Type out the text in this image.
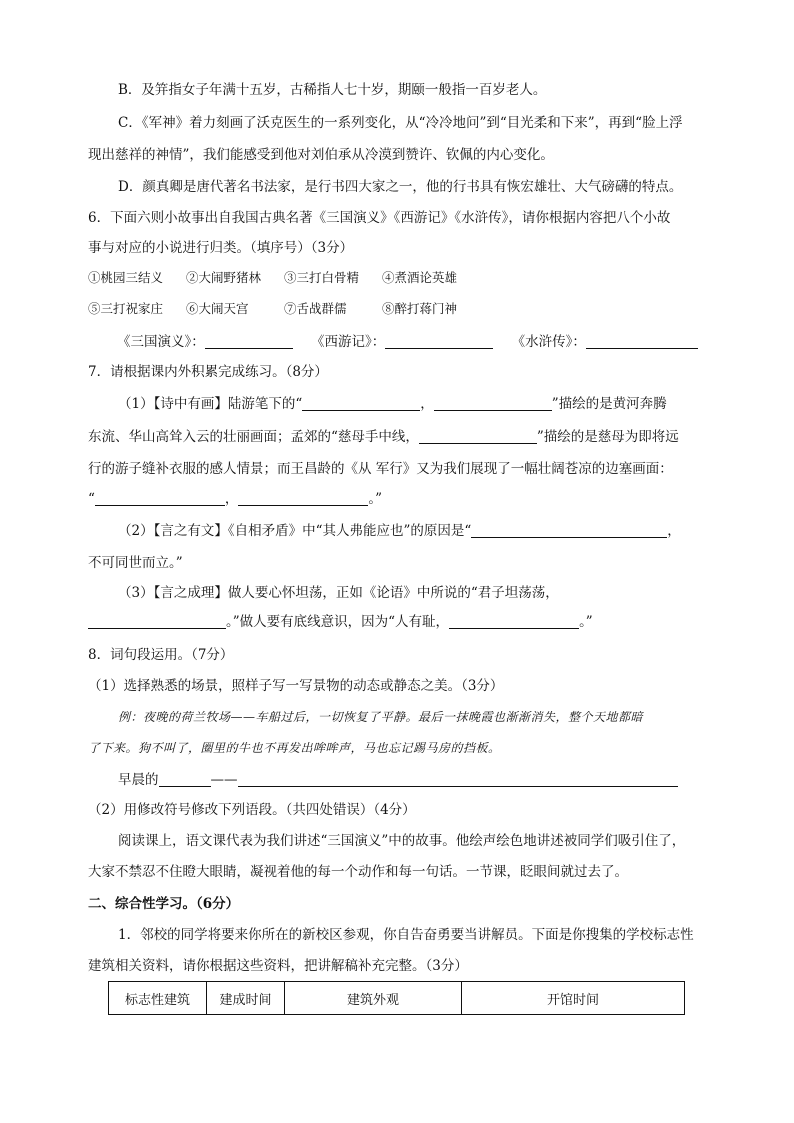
B．及笄指女子年满十五岁，古稀指人七十岁，期颐一般指一百岁老人。
C．《军神》着力刻画了沃克医生的一系列变化，从“冷冷地问”到“目光柔和下来”，再到“脸上浮
现出慈祥的神情”，我们能感受到他对刘伯承从冷漠到赞许、钦佩的内心变化。
D．颜真卿是唐代著名书法家，是行书四大家之一，他的行书具有恢宏雄壮、大气磅礴的特点。
6．下面六则小故事出自我国古典名著《三国演义》《西游记》《水浒传》，请你根据内容把八个小故
事与对应的小说进行归类。（填序号）（3分）
①桃园三结义 ②大闹野猪林 ③三打白骨精 ④煮酒论英雄
⑤三打祝家庄 ⑥大闹天宫	⑦舌战群儒	⑧醉打蒋门神
《三国演义》：	《西游记》：	《水浒传》：
7．请根据课内外积累完成练习。（8分）
（1）【诗中有画】陆游笔下的“	，	”描绘的是黄河奔腾
东流、华山高耸入云的壮丽画面；孟郊的“慈母手中线，	”描绘的是慈母为即将远
行的游子缝补衣服的感人情景；而王昌龄的《从 军行》又为我们展现了一幅壮阔苍凉的边塞画面：
“	，	。”
（2）【言之有文】《自相矛盾》中“其人弗能应也”的原因是“	，
不可同世而立。”
（3）【言之成理】做人要心怀坦荡，正如《论语》中所说的“君子坦荡荡，
。”做人要有底线意识，因为“人有耻，	。”
8．词句段运用。（7分）
（1）选择熟悉的场景，照样子写一写景物的动态或静态之美。（3分）
例：夜晚的荷兰牧场——车船过后，一切恢复了平静。最后一抹晚霞也渐渐消失，整个天地都暗
了下来。狗不叫了，圈里的牛也不再发出哞哞声，马也忘记踢马房的挡板。
早晨的	——
（2）用修改符号修改下列语段。（共四处错误）（4分）
阅读课上，语文课代表为我们讲述“三国演义”中的故事。他绘声绘色地讲述被同学们吸引住了，
大家不禁忍不住瞪大眼睛，凝视着他的每一个动作和每一句话。一节课，眨眼间就过去了。
二、综合性学习。（6分）
1．邻校的同学将要来你所在的新校区参观，你自告奋勇要当讲解员。下面是你搜集的学校标志性
建筑相关资料，请你根据这些资料，把讲解稿补充完整。（3分）
标志性建筑	建成时间	建筑外观	开馆时间
